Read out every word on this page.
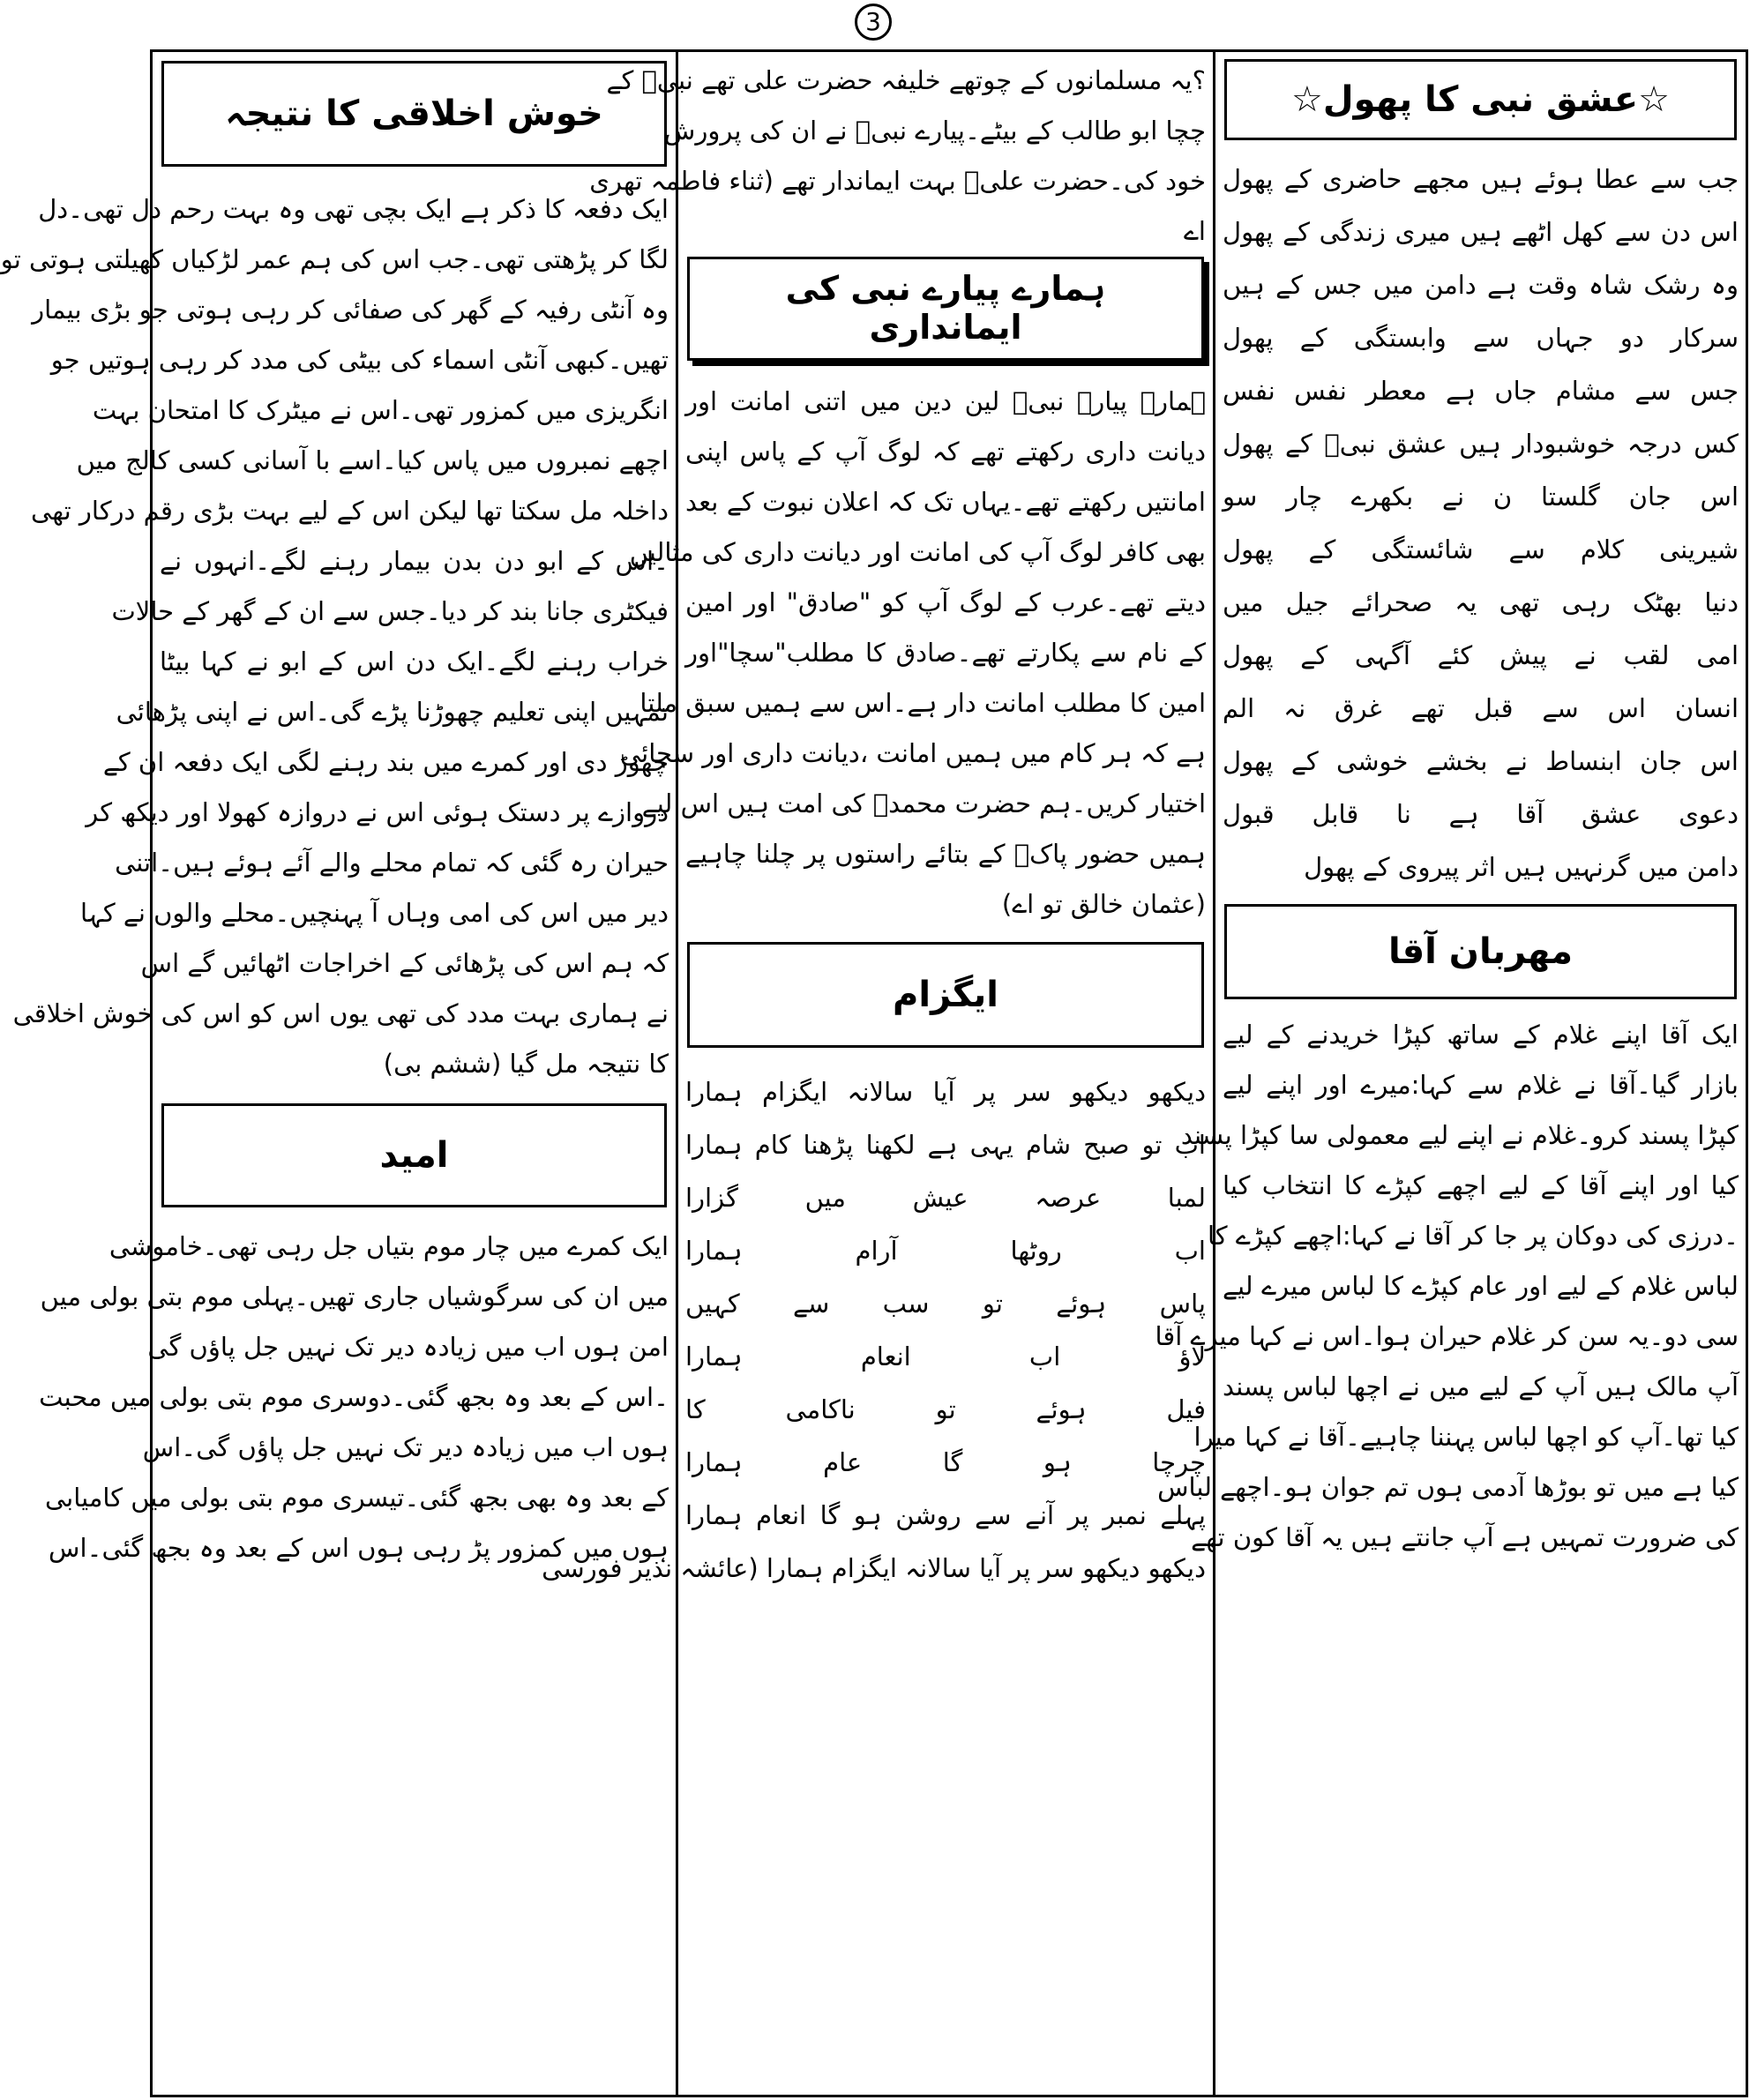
3
☆عشق نبی کا پھول☆

جب سے عطا ہوئے ہیں مجھے حاضری کے پھول

اس دن سے کھل اٹھے ہیں میری زندگی کے پھول

وہ رشک شاہ وقت ہے دامن میں جس کے ہیں

سرکار دو جہاں سے وابستگی کے پھول

جس سے مشام جاں ہے معطر نفس نفس

کس درجہ خوشبودار ہیں عشق نبیؐ کے پھول

اس جان گلستا ن نے بکھرے چار سو

شیرینی کلام سے شائستگی کے پھول

دنیا بھٹک رہی تھی یہ صحرائے جیل میں

امی لقب نے پیش کئے آگہی کے پھول

انسان اس سے قبل تھے غرق نہ الم

اس جان ابنساط نے بخشے خوشی کے پھول

دعوی عشق آقا ہے نا قابل قبول

دامن میں گرنہیں ہیں اثر پیروی کے پھول

مهربان آقا

ایک آقا اپنے غلام کے ساتھ کپڑا خریدنے کے لیے

بازار گیا۔آقا نے غلام سے کہا:میرے اور اپنے لیے

کپڑا پسند کرو۔غلام نے اپنے لیے معمولی سا کپڑا پسند

کیا اور اپنے آقا کے لیے اچھے کپڑے کا انتخاب کیا

۔درزی کی دوکان پر جا کر آقا نے کہا:اچھے کپڑے کا

لباس غلام کے لیے اور عام کپڑے کا لباس میرے لیے

سی دو۔یہ سن کر غلام حیران ہوا۔اس نے کہا میرے آقا

آپ مالک ہیں آپ کے لیے میں نے اچھا لباس پسند

کیا تھا۔آپ کو اچھا لباس پہننا چاہیے۔آقا نے کہا میرا

کیا ہے میں تو بوڑھا آدمی ہوں تم جوان ہو۔اچھے لباس

کی ضرورت تمہیں ہے آپ جانتے ہیں یہ آقا کون تھے

؟یہ مسلمانوں کے چوتھے خلیفہ حضرت علی تھے نبیؐ کے

چچا ابو طالب کے بیٹے۔پیارے نبیؐ نے ان کی پرورش

خود کی۔حضرت علیؓ بہت ایماندار تھے (ثناء فاطمہ تھری

اے

ہمارے پیارے نبی کی ایمانداری

ہمارے پیارے نبیؐ لین دین میں اتنی امانت اور

دیانت داری رکھتے تھے کہ لوگ آپ کے پاس اپنی

امانتیں رکھتے تھے۔یہاں تک کہ اعلان نبوت کے بعد

بھی کافر لوگ آپ کی امانت اور دیانت داری کی مثالیں

دیتے تھے۔عرب کے لوگ آپ کو "صادق" اور امین

کے نام سے پکارتے تھے۔صادق کا مطلب"سچا"اور

امین کا مطلب امانت دار ہے۔اس سے ہمیں سبق ملتا

ہے کہ ہر کام میں ہمیں امانت ،دیانت داری اور سچائی

اختیار کریں۔ہم حضرت محمدؐ کی امت ہیں اس لیے

ہمیں حضور پاکؐ کے بتائے راستوں پر چلنا چاہیے

(عثمان خالق تو اے)

ایگزام

دیکھو دیکھو سر پر آیا سالانہ ایگزام ہمارا

اب تو صبح شام یہی ہے لکھنا پڑھنا کام ہمارا

لمبا عرصہ عیش میں گزارا

اب روٹھا آرام ہمارا

پاس ہوئے تو سب سے کہیں

لاؤ اب انعام ہمارا

فیل ہوئے تو ناکامی کا

چرچا ہو گا عام ہمارا

پہلے نمبر پر آنے سے روشن ہو گا انعام ہمارا

دیکھو دیکھو سر پر آیا سالانہ ایگزام ہمارا (عائشہ نذیر فورسی

خوش اخلاقی کا نتیجہ

ایک دفعہ کا ذکر ہے ایک بچی تھی وہ بہت رحم دل تھی۔دل

لگا کر پڑھتی تھی۔جب اس کی ہم عمر لڑکیاں کھیلتی ہوتی تو

وہ آنٹی رفیہ کے گھر کی صفائی کر رہی ہوتی جو بڑی بیمار

تھیں۔کبھی آنٹی اسماء کی بیٹی کی مدد کر رہی ہوتیں جو

انگریزی میں کمزور تھی۔اس نے میٹرک کا امتحان بہت

اچھے نمبروں میں پاس کیا۔اسے با آسانی کسی کالج میں

داخلہ مل سکتا تھا لیکن اس کے لیے بہت بڑی رقم درکار تھی

۔اس کے ابو دن بدن بیمار رہنے لگے۔انہوں نے

فیکٹری جانا بند کر دیا۔جس سے ان کے گھر کے حالات

خراب رہنے لگے۔ایک دن اس کے ابو نے کہا بیٹا

تمہیں اپنی تعلیم چھوڑنا پڑے گی۔اس نے اپنی پڑھائی

چھوڑ دی اور کمرے میں بند رہنے لگی ایک دفعہ ان کے

دروازے پر دستک ہوئی اس نے دروازہ کھولا اور دیکھ کر

حیران رہ گئی کہ تمام محلے والے آئے ہوئے ہیں۔اتنی

دیر میں اس کی امی وہاں آ پہنچیں۔محلے والوں نے کہا

کہ ہم اس کی پڑھائی کے اخراجات اٹھائیں گے اس

نے ہماری بہت مدد کی تھی یوں اس کو اس کی خوش اخلاقی

کا نتیجہ مل گیا (ششم بی)

امید

ایک کمرے میں چار موم بتیاں جل رہی تھی۔خاموشی

میں ان کی سرگوشیاں جاری تھیں۔پہلی موم بتی بولی میں

امن ہوں اب میں زیادہ دیر تک نہیں جل پاؤں گی

۔اس کے بعد وہ بجھ گئی۔دوسری موم بتی بولی میں محبت

ہوں اب میں زیادہ دیر تک نہیں جل پاؤں گی۔اس

کے بعد وہ بھی بجھ گئی۔تیسری موم بتی بولی میں کامیابی

ہوں میں کمزور پڑ رہی ہوں اس کے بعد وہ بجھ گئی۔اس
